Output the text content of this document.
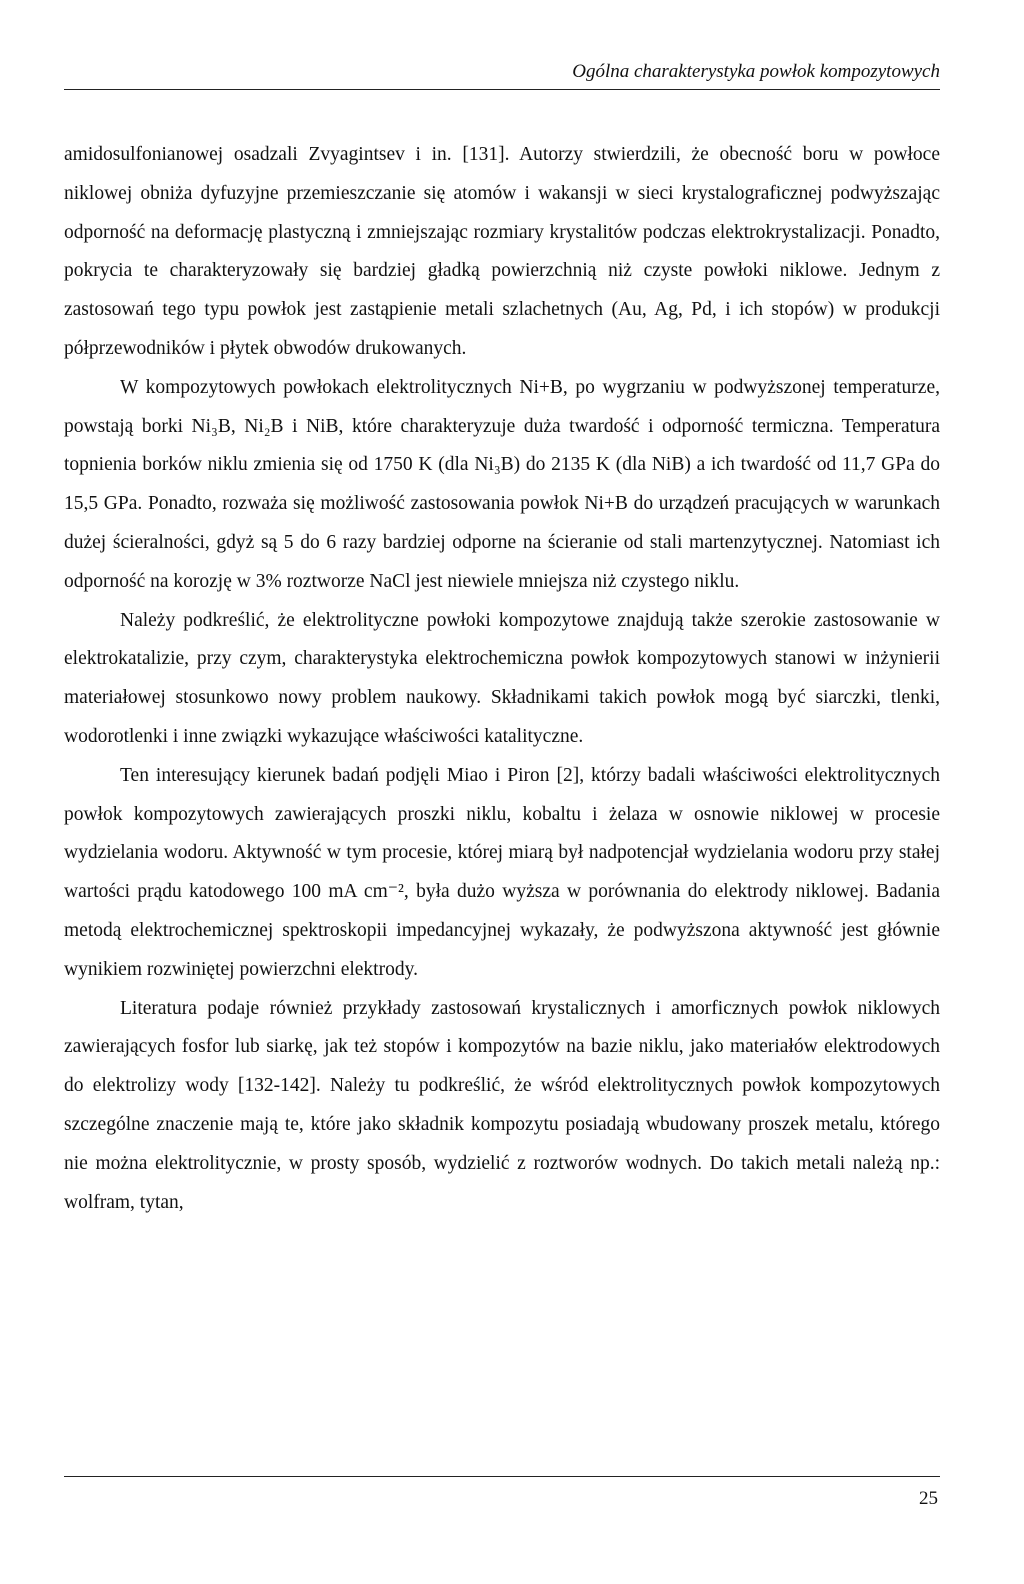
Ogólna charakterystyka powłok kompozytowych

amidosulfonianowej osadzali Zvyagintsev i in. [131]. Autorzy stwierdzili, że obecność boru w powłoce niklowej obniża dyfuzyjne przemieszczanie się atomów i wakansji w sieci krystalograficznej podwyższając odporność na deformację plastyczną i zmniejszając rozmiary krystalitów podczas elektrokrystalizacji. Ponadto, pokrycia te charakteryzowały się bardziej gładką powierzchnią niż czyste powłoki niklowe. Jednym z zastosowań tego typu powłok jest zastąpienie metali szlachetnych (Au, Ag, Pd, i ich stopów) w produkcji półprzewodników i płytek obwodów drukowanych.

W kompozytowych powłokach elektrolitycznych Ni+B, po wygrzaniu w podwyższonej temperaturze, powstają borki Ni₃B, Ni₂B i NiB, które charakteryzuje duża twardość i odporność termiczna. Temperatura topnienia borków niklu zmienia się od 1750 K (dla Ni₃B) do 2135 K (dla NiB) a ich twardość od 11,7 GPa do 15,5 GPa. Ponadto, rozważa się możliwość zastosowania powłok Ni+B do urządzeń pracujących w warunkach dużej ścieralności, gdyż są 5 do 6 razy bardziej odporne na ścieranie od stali martenzytycznej. Natomiast ich odporność na korozję w 3% roztworze NaCl jest niewiele mniejsza niż czystego niklu.

Należy podkreślić, że elektrolityczne powłoki kompozytowe znajdują także szerokie zastosowanie w elektrokatalizie, przy czym, charakterystyka elektrochemiczna powłok kompozytowych stanowi w inżynierii materiałowej stosunkowo nowy problem naukowy. Składnikami takich powłok mogą być siarczki, tlenki, wodorotlenki i inne związki wykazujące właściwości katalityczne.

Ten interesujący kierunek badań podjęli Miao i Piron [2], którzy badali właściwości elektrolitycznych powłok kompozytowych zawierających proszki niklu, kobaltu i żelaza w osnowie niklowej w procesie wydzielania wodoru. Aktywność w tym procesie, której miarą był nadpotencjał wydzielania wodoru przy stałej wartości prądu katodowego 100 mA cm⁻², była dużo wyższa w porównania do elektrody niklowej. Badania metodą elektrochemicznej spektroskopii impedancyjnej wykazały, że podwyższona aktywność jest głównie wynikiem rozwiniętej powierzchni elektrody.

Literatura podaje również przykłady zastosowań krystalicznych i amorficznych powłok niklowych zawierających fosfor lub siarkę, jak też stopów i kompozytów na bazie niklu, jako materiałów elektrodowych do elektrolizy wody [132-142]. Należy tu podkreślić, że wśród elektrolitycznych powłok kompozytowych szczególne znaczenie mają te, które jako składnik kompozytu posiadają wbudowany proszek metalu, którego nie można elektrolitycznie, w prosty sposób, wydzielić z roztworów wodnych. Do takich metali należą np.: wolfram, tytan,

25
